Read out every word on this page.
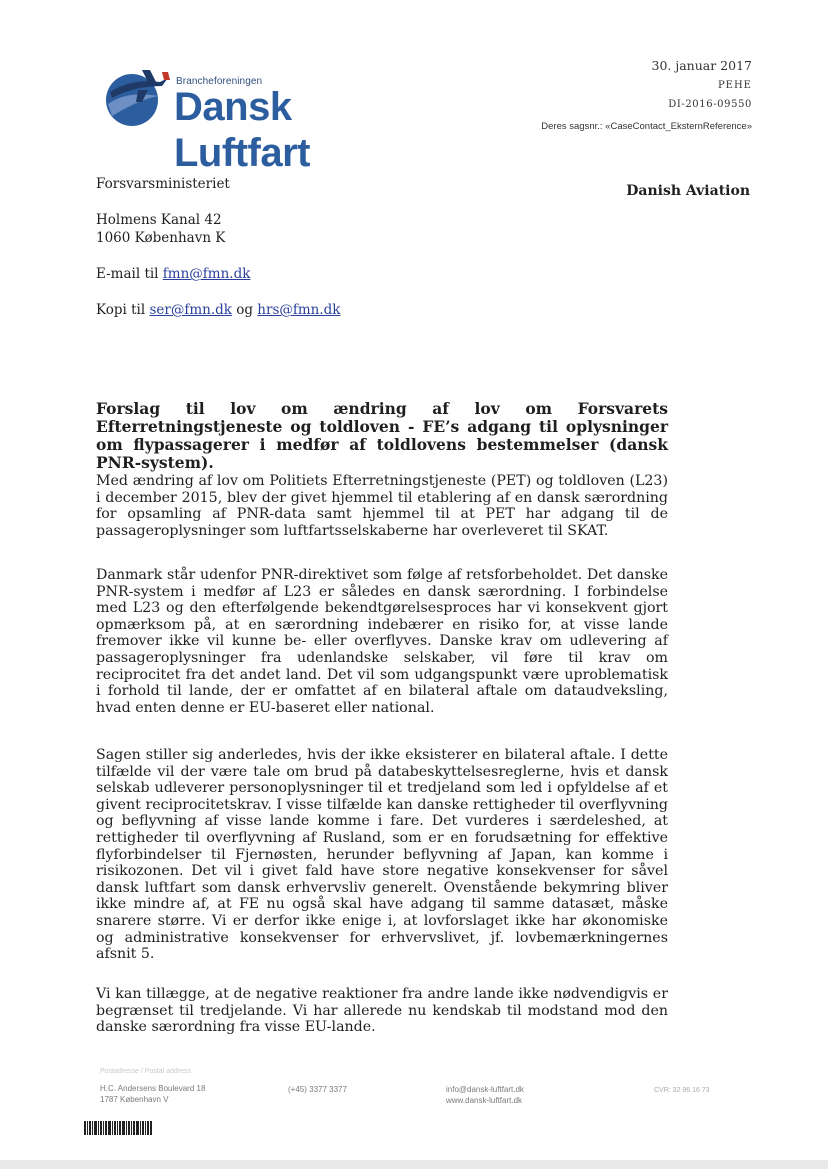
Brancheforeningen
Dansk Luftfart
30. januar 2017
PEHE
DI-2016-09550
Deres sagsnr.: «CaseContact_EksternReference»
Danish Aviation
Forsvarsministeriet
Holmens Kanal 42
1060 København K
E-mail til fmn@fmn.dk
Kopi til ser@fmn.dk og hrs@fmn.dk
Forslag til lov om ændring af lov om Forsvarets Efterretningstjeneste og toldloven - FE’s adgang til oplysninger om flypassagerer i medfør af toldlovens bestemmelser (dansk PNR-system).
Med ændring af lov om Politiets Efterretningstjeneste (PET) og toldloven (L23) i december 2015, blev der givet hjemmel til etablering af en dansk særordning for opsamling af PNR-data samt hjemmel til at PET har adgang til de passageroplysninger som luftfartsselskaberne har overleveret til SKAT.
Danmark står udenfor PNR-direktivet som følge af retsforbeholdet. Det danske PNR-system i medfør af L23 er således en dansk særordning. I forbindelse med L23 og den efterfølgende bekendtgørelsesproces har vi konsekvent gjort opmærksom på, at en særordning indebærer en risiko for, at visse lande fremover ikke vil kunne be- eller overflyves. Danske krav om udlevering af passageroplysninger fra udenlandske selskaber, vil føre til krav om reciprocitet fra det andet land. Det vil som udgangspunkt være uproblematisk i forhold til lande, der er omfattet af en bilateral aftale om dataudveksling, hvad enten denne er EU-baseret eller national.
Sagen stiller sig anderledes, hvis der ikke eksisterer en bilateral aftale. I dette tilfælde vil der være tale om brud på databeskyttelsesreglerne, hvis et dansk selskab udleverer personoplysninger til et tredjeland som led i opfyldelse af et givent reciprocitetskrav. I visse tilfælde kan danske rettigheder til overflyvning og beflyvning af visse lande komme i fare. Det vurderes i særdeleshed, at rettigheder til overflyvning af Rusland, som er en forudsætning for effektive flyforbindelser til Fjernøsten, herunder beflyvning af Japan, kan komme i risikozonen. Det vil i givet fald have store negative konsekvenser for såvel dansk luftfart som dansk erhvervsliv generelt. Ovenstående bekymring bliver ikke mindre af, at FE nu også skal have adgang til samme datasæt, måske snarere større. Vi er derfor ikke enige i, at lovforslaget ikke har økonomiske og administrative konsekvenser for erhvervslivet, jf. lovbemærkningernes afsnit 5.
Vi kan tillægge, at de negative reaktioner fra andre lande ikke nødvendigvis er begrænset til tredjelande. Vi har allerede nu kendskab til modstand mod den danske særordning fra visse EU-lande.
Postadresse / Postal address
H.C. Andersens Boulevard 18
1787 København V
(+45) 3377 3377	info@dansk-luftfart.dk
www.dansk-luftfart.dk
CVR: 32 96 16 73
